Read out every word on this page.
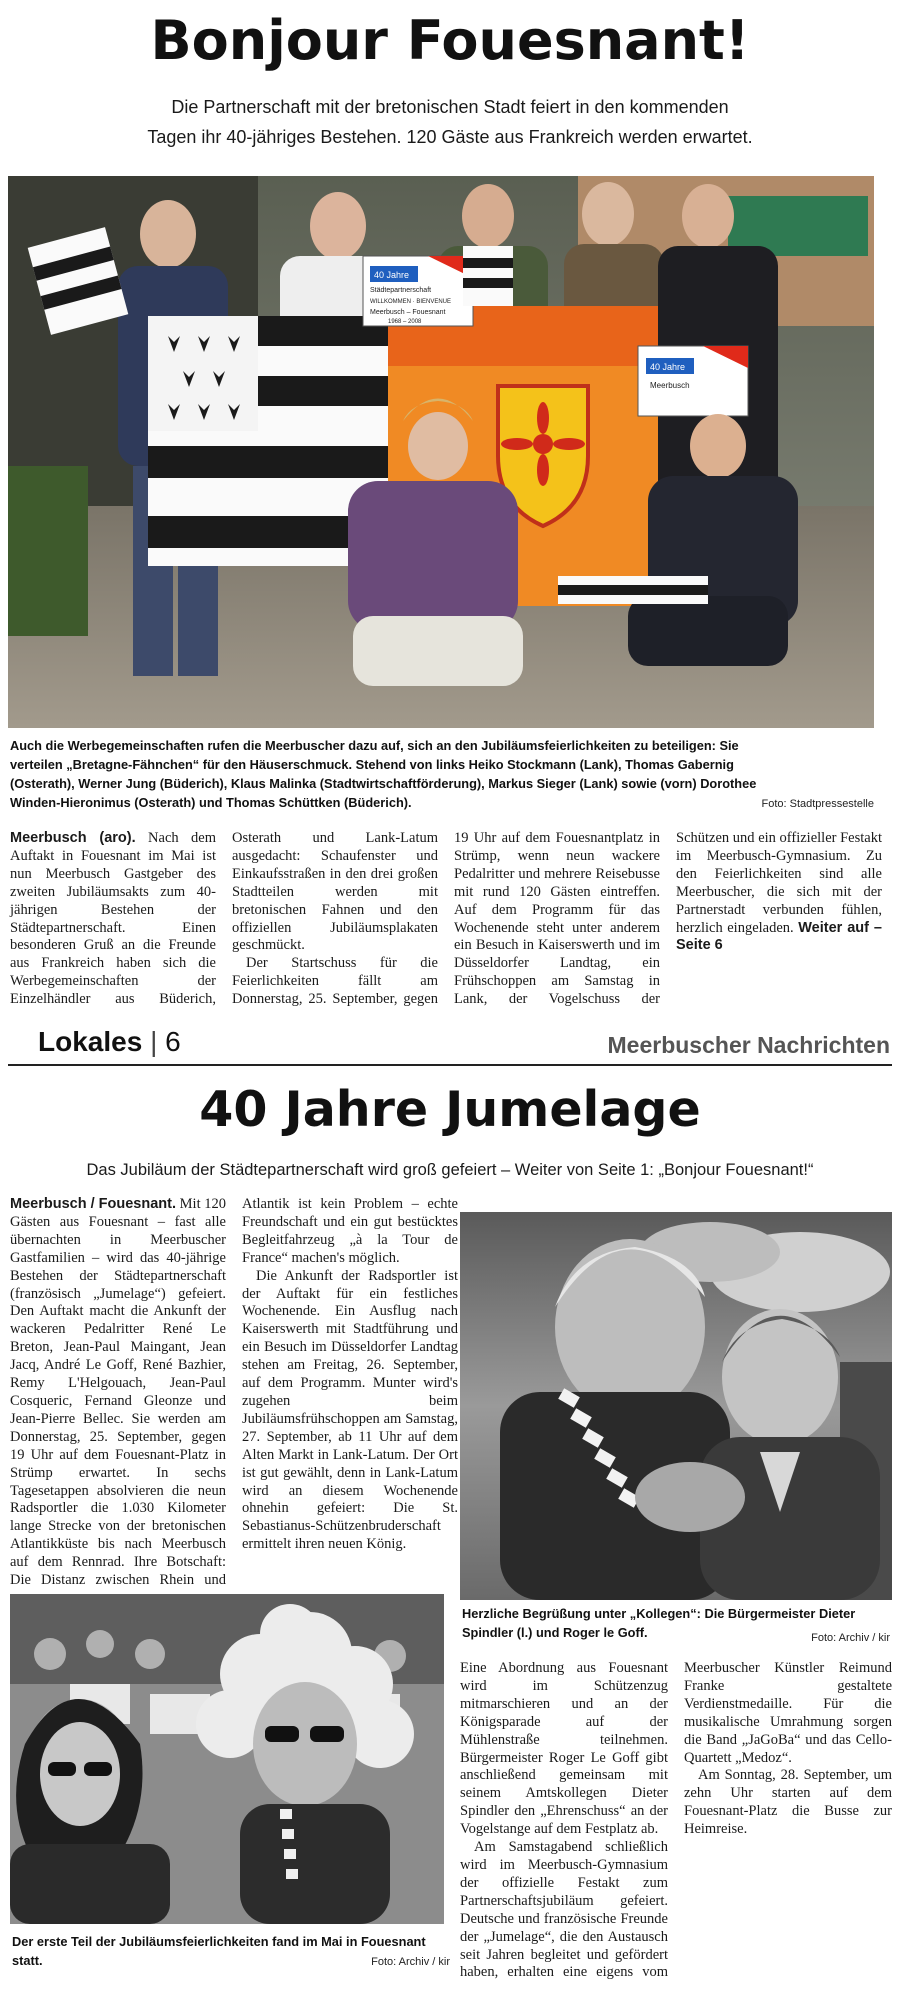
Bonjour Fouesnant!
Die Partnerschaft mit der bretonischen Stadt feiert in den kommenden
Tagen ihr 40-jähriges Bestehen. 120 Gäste aus Frankreich werden erwartet.
40 Jahre
Städtepartnerschaft
WILLKOMMEN · BIENVENUE
Meerbusch – Fouesnant
1968 – 2008
40 Jahre
Meerbusch
Auch die Werbegemeinschaften rufen die Meerbuscher dazu auf, sich an den Jubiläumsfeierlichkeiten zu beteiligen: Sie verteilen „Bretagne-Fähnchen“ für den Häuserschmuck. Stehend von links Heiko Stockmann (Lank), Thomas Gabernig (Osterath), Werner Jung (Büderich), Klaus Malinka (Stadtwirtschaftförderung), Markus Sieger (Lank) sowie (vorn) Dorothee Winden-Hieronimus (Osterath) und Thomas Schüttken (Büderich).	Foto: Stadtpressestelle

Meerbusch (aro). Nach dem Auftakt in Fouesnant im Mai ist nun Meerbusch Gastgeber des zweiten Jubiläumsakts zum 40-jährigen Bestehen der Städtepartnerschaft. Einen besonderen Gruß an die Freunde aus Frankreich haben sich die Werbegemeinschaften der Einzelhändler aus Büderich, Osterath und Lank-Latum ausgedacht: Schaufenster und Einkaufsstraßen in den drei großen Stadtteilen werden mit bretonischen Fahnen und den offiziellen Jubiläumsplakaten geschmückt.

Der Startschuss für die Feierlichkeiten fällt am Donnerstag, 25. September, gegen 19 Uhr auf dem Fouesnantplatz in Strümp, wenn neun wackere Pedalritter und mehrere Reisebusse mit rund 120 Gästen eintreffen. Auf dem Programm für das Wochenende steht unter anderem ein Besuch in Kaiserswerth und im Düsseldorfer Landtag, ein Frühschoppen am Samstag in Lank, der Vogelschuss der Schützen und ein offizieller Festakt im Meerbusch-Gymnasium. Zu den Feierlichkeiten sind alle Meerbuscher, die sich mit der Partnerstadt verbunden fühlen, herzlich eingeladen. Weiter auf – Seite 6

Lokales | 6	Meerbuscher Nachrichten
40 Jahre Jumelage
Das Jubiläum der Städtepartnerschaft wird groß gefeiert – Weiter von Seite 1: „Bonjour Fouesnant!“

Meerbusch / Fouesnant. Mit 120 Gästen aus Fouesnant – fast alle übernachten in Meerbuscher Gastfamilien – wird das 40-jährige Bestehen der Städtepartnerschaft (französisch „Jumelage“) gefeiert. Den Auftakt macht die Ankunft der wackeren Pedalritter René Le Breton, Jean-Paul Maingant, Jean Jacq, André Le Goff, René Bazhier, Remy L'Helgouach, Jean-Paul Cosqueric, Fernand Gleonze und Jean-Pierre Bellec. Sie werden am Donnerstag, 25. September, gegen 19 Uhr auf dem Fouesnant-Platz in Strümp erwartet. In sechs Tagesetappen absolvieren die neun Radsportler die 1.030 Kilometer lange Strecke von der bretonischen Atlantikküste bis nach Meerbusch auf dem Rennrad. Ihre Botschaft: Die Distanz zwischen Rhein und Atlantik ist kein Problem – echte Freundschaft und ein gut bestücktes Begleitfahrzeug „à la Tour de France“ machen's möglich.

Die Ankunft der Radsportler ist der Auftakt für ein festliches Wochenende. Ein Ausflug nach Kaiserswerth mit Stadtführung und ein Besuch im Düsseldorfer Landtag stehen am Freitag, 26. September, auf dem Programm. Munter wird's zugehen beim Jubiläumsfrühschoppen am Samstag, 27. September, ab 11 Uhr auf dem Alten Markt in Lank-Latum. Der Ort ist gut gewählt, denn in Lank-Latum wird an diesem Wochenende ohnehin gefeiert: Die St. Sebastianus-Schützenbruderschaft ermittelt ihren neuen König.

Herzliche Begrüßung unter „Kollegen“: Die Bürgermeister Dieter Spindler (l.) und Roger le Goff.	Foto: Archiv / kir
Der erste Teil der Jubiläumsfeierlichkeiten fand im Mai in Fouesnant statt.	Foto: Archiv / kir

Eine Abordnung aus Fouesnant wird im Schützenzug mitmarschieren und an der Königsparade auf der Mühlenstraße teilnehmen. Bürgermeister Roger Le Goff gibt anschließend gemeinsam mit seinem Amtskollegen Dieter Spindler den „Ehrenschuss“ an der Vogelstange auf dem Festplatz ab.

Am Samstagabend schließlich wird im Meerbusch-Gymnasium der offizielle Festakt zum Partnerschaftsjubiläum gefeiert. Deutsche und französische Freunde der „Jumelage“, die den Austausch seit Jahren begleitet und gefördert haben, erhalten eine eigens vom Meerbuscher Künstler Reimund Franke gestaltete Verdienstmedaille. Für die musikalische Umrahmung sorgen die Band „JaGoBa“ und das Cello-Quartett „Medoz“.

Am Sonntag, 28. September, um zehn Uhr starten auf dem Fouesnant-Platz die Busse zur Heimreise.
